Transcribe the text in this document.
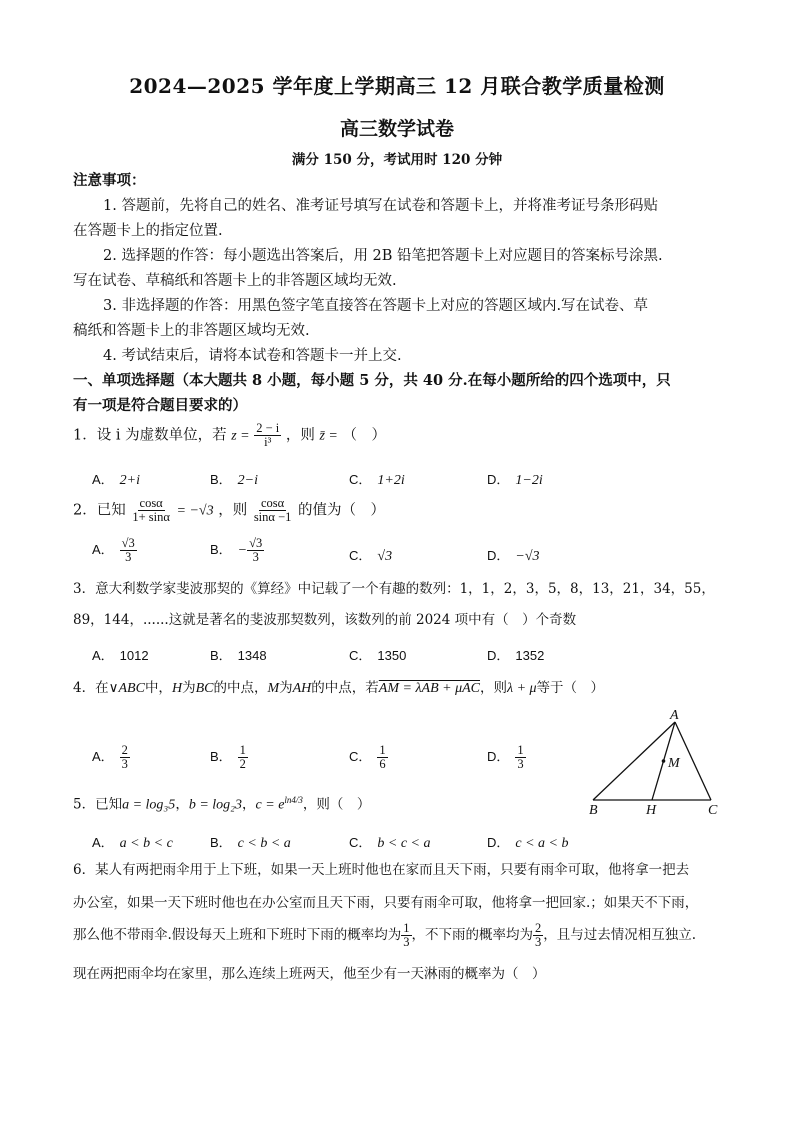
2024—2025 学年度上学期高三 12 月联合教学质量检测
高三数学试卷
满分 150 分，考试用时 120 分钟
注意事项：
1. 答题前，先将自己的姓名、准考证号填写在试卷和答题卡上，并将准考证号条形码贴
在答题卡上的指定位置.
2. 选择题的作答：每小题选出答案后，用 2B 铅笔把答题卡上对应题目的答案标号涂黑.
写在试卷、草稿纸和答题卡上的非答题区域均无效.
3. 非选择题的作答：用黑色签字笔直接答在答题卡上对应的答题区域内.写在试卷、草
稿纸和答题卡上的非答题区域均无效.
4. 考试结束后，请将本试卷和答题卡一并上交.
一、单项选择题（本大题共 8 小题，每小题 5 分，共 40 分.在每小题所给的四个选项中，只
有一项是符合题目要求的）
1．设 i 为虚数单位，若 $z = \frac{2 - i}{\text{i³}}$ ，则 z̄ = （　）
A． 2+i	B． 2−i	C． 1+2i	D． 1−2i
2．已知 $\frac{\cos\alpha}{1+ \sin\alpha} = -√3$ ，则 $\frac{\cos\alpha}{\sin\alpha -1}$ 的值为（　）
A． $\frac{√3}{3}$	B． − $\frac{√3}{3}$	C． √3	D． −√3
3．意大利数学家斐波那契的《算经》中记载了一个有趣的数列：1，1，2，3，5，8，13，21，34，55，
89，144，......这就是著名的斐波那契数列，该数列的前 2024 项中有（　）个奇数
A． 1012	B． 1348	C． 1350	D． 1352
4．在∨ABC中，H为BC的中点，M为AH的中点，若AM = λAB + μAC，则λ + μ等于（　）
A． $\frac{2}{3}$	B． $\frac{1}{2}$	C． $\frac{1}{6}$	D． $\frac{1}{3}$
A
M
B	H	C
5．已知a = log₃5，b = log₂3，$c = e^{ln4/3}$，则（　）
A． a < b < c	B． c < b < a	C． b < c < a	D． c < a < b
6．某人有两把雨伞用于上下班，如果一天上班时他也在家而且天下雨，只要有雨伞可取，他将拿一把去
办公室，如果一天下班时他也在办公室而且天下雨，只要有雨伞可取，他将拿一把回家.；如果天不下雨，
那么他不带雨伞.假设每天上班和下班时下雨的概率均为 $\frac{1}{3}$ ，不下雨的概率均为 $\frac{2}{3}$ ，且与过去情况相互独立.
现在两把雨伞均在家里，那么连续上班两天，他至少有一天淋雨的概率为（　）
